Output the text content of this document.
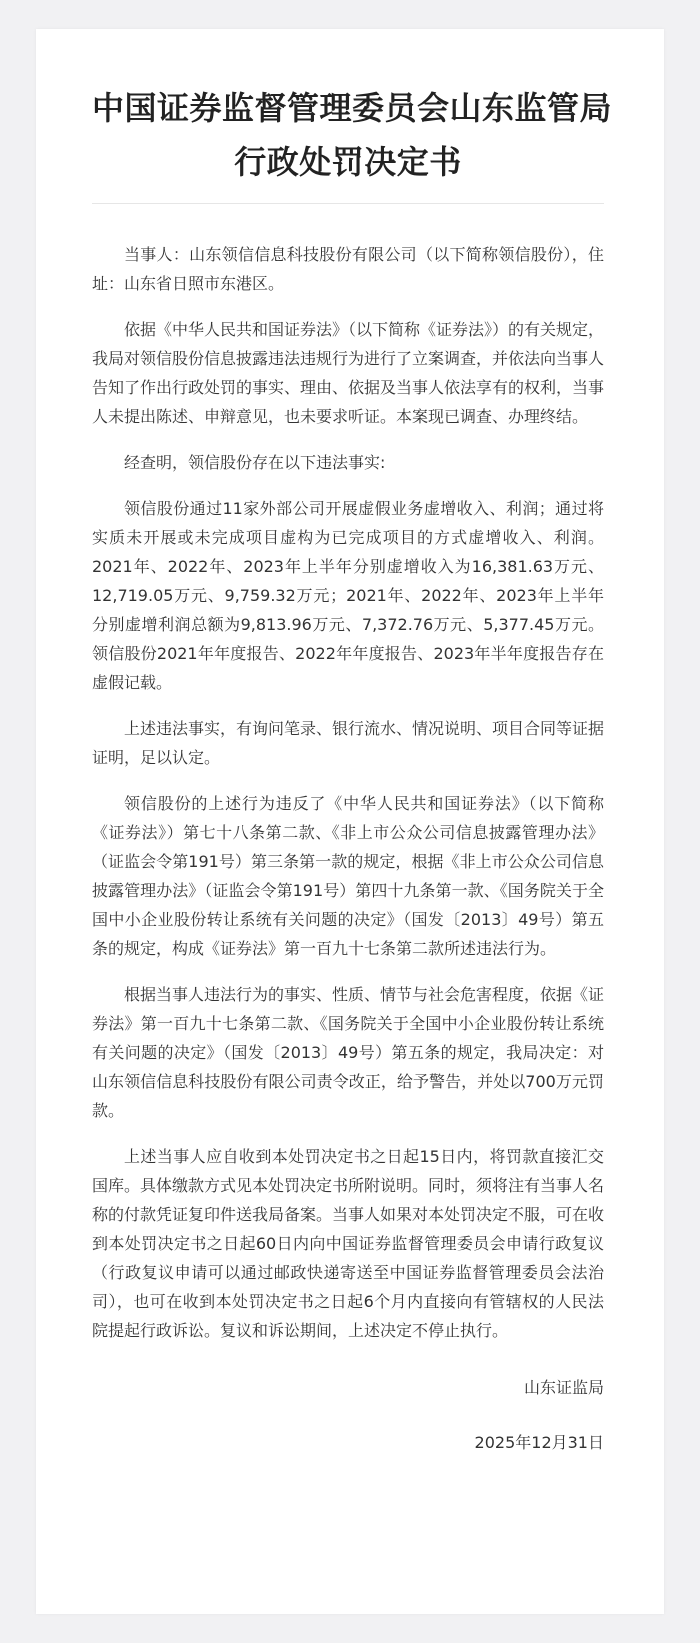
中国证券监督管理委员会山东监管局
行政处罚决定书

当事人：山东领信信息科技股份有限公司（以下简称领信股份），住址：山东省日照市东港区。

依据《中华人民共和国证券法》（以下简称《证券法》）的有关规定，我局对领信股份信息披露违法违规行为进行了立案调查，并依法向当事人告知了作出行政处罚的事实、理由、依据及当事人依法享有的权利，当事人未提出陈述、申辩意见，也未要求听证。本案现已调查、办理终结。

经查明，领信股份存在以下违法事实:

领信股份通过11家外部公司开展虚假业务虚增收入、利润；通过将实质未开展或未完成项目虚构为已完成项目的方式虚增收入、利润。2021年、2022年、2023年上半年分别虚增收入为16,381.63万元、12,719.05万元、9,759.32万元；2021年、2022年、2023年上半年分别虚增利润总额为9,813.96万元、7,372.76万元、5,377.45万元。领信股份2021年年度报告、2022年年度报告、2023年半年度报告存在虚假记载。

上述违法事实，有询问笔录、银行流水、情况说明、项目合同等证据证明，足以认定。

领信股份的上述行为违反了《中华人民共和国证券法》（以下简称《证券法》）第七十八条第二款、《非上市公众公司信息披露管理办法》（证监会令第191号）第三条第一款的规定，根据《非上市公众公司信息披露管理办法》（证监会令第191号）第四十九条第一款、《国务院关于全国中小企业股份转让系统有关问题的决定》（国发〔2013〕49号）第五条的规定，构成《证券法》第一百九十七条第二款所述违法行为。

根据当事人违法行为的事实、性质、情节与社会危害程度，依据《证券法》第一百九十七条第二款、《国务院关于全国中小企业股份转让系统有关问题的决定》（国发〔2013〕49号）第五条的规定，我局决定：对山东领信信息科技股份有限公司责令改正，给予警告，并处以700万元罚款。

上述当事人应自收到本处罚决定书之日起15日内，将罚款直接汇交国库。具体缴款方式见本处罚决定书所附说明。同时，须将注有当事人名称的付款凭证复印件送我局备案。当事人如果对本处罚决定不服，可在收到本处罚决定书之日起60日内向中国证券监督管理委员会申请行政复议（行政复议申请可以通过邮政快递寄送至中国证券监督管理委员会法治司），也可在收到本处罚决定书之日起6个月内直接向有管辖权的人民法院提起行政诉讼。复议和诉讼期间，上述决定不停止执行。

山东证监局
2025年12月31日
